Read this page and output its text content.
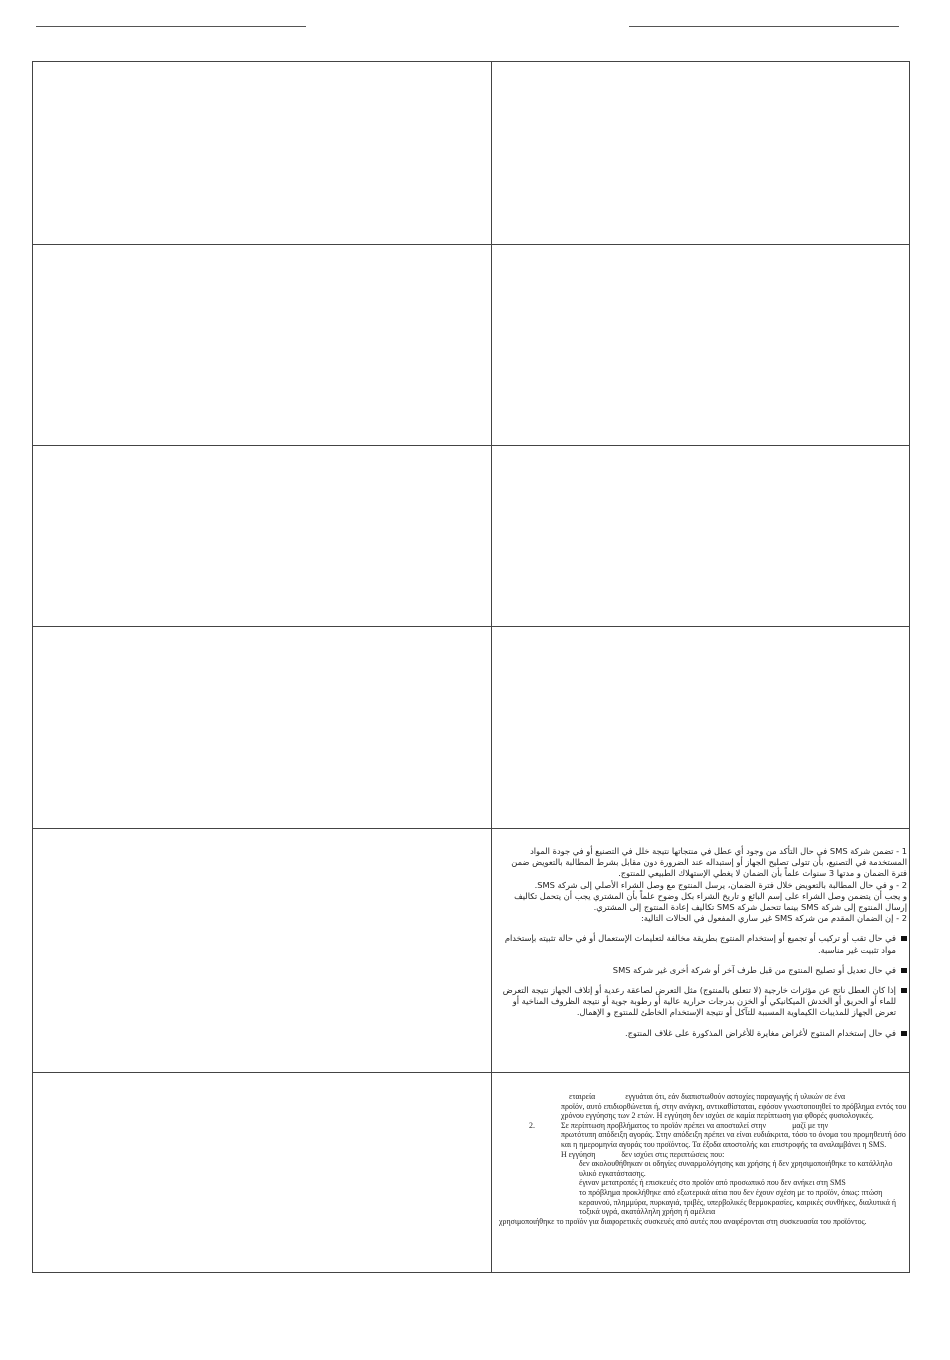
1 - تضمن شركة SMS في حال التأكد من وجود أي عطل في منتجاتها نتيجة خلل في التصنيع أو في جودة المواد المستخدمة في التصنيع، بأن تتولى تصليح الجهاز أو إستبداله عند الضرورة دون مقابل بشرط المطالبة بالتعويض ضمن فترة الضمان و مدتها 3 سنوات علماً بأن الضمان لا يغطي الإستهلاك الطبيعي للمنتوج.

2 - و في حال المطالبة بالتعويض خلال فترة الضمان، يرسل المنتوج مع وصل الشراء الأصلي إلى شركة SMS.

و يجب أن يتضمن وصل الشراء على إسم البائع و تاريخ الشراء بكل وضوح علماً بأن المشتري يجب أن يتحمل تكاليف إرسال المنتوج إلى شركة SMS بينما تتحمل شركة SMS تكاليف إعادة المنتوج إلى المشتري.

2 - إن الضمان المقدم من شركة SMS غير ساري المفعول في الحالات التالية:

في حال تقب أو تركيب أو تجميع أو إستخدام المنتوج بطريقة مخالفة لتعليمات الإستعمال أو في حالة تثبيته بإستخدام مواد تثبيت غير مناسبة.
في حال تعديل أو تصليح المنتوج من قبل طرف آخر أو شركة أخرى غير شركة SMS
إذا كان العطل ناتج عن مؤثرات خارجية (لا تتعلق بالمنتوج) مثل التعرض لصاعقة رعدية أو إتلاف الجهاز نتيجة التعرض للماء أو الحريق أو الخدش الميكانيكي أو الخزن بدرجات حرارية عالية أو رطوبة جوية أو نتيجة الظروف المناخية أو تعرض الجهاز للمذيبات الكيماوية المسببة للتآكل أو نتيجة الإستخدام الخاطئ للمنتوج و الإهمال.
في حال إستخدام المنتوج لأغراض مغايرة للأغراض المذكورة على غلاف المنتوج.

εταιρεία	εγγυάται ότι, εάν διαπιστωθούν αστοχίες παραγωγής ή υλικών σε ένα

προϊόν, αυτό επιδιορθώνεται ή, στην ανάγκη, αντικαθίσταται, εφόσον γνωστοποιηθεί το πρόβλημα εντός του χρόνου εγγύησης των 2 ετών. Η εγγύηση δεν ισχύει σε καμία περίπτωση για φθορές φυσιολογικές.

2.	Σε περίπτωση προβλήματος το προϊόν πρέπει να αποσταλεί στην	μαζί με την

πρωτότυπη απόδειξη αγοράς. Στην απόδειξη πρέπει να είναι ευδιάκριτα, τόσο το όνομα του προμηθευτή όσο και η ημερομηνία αγοράς του προϊόντος. Τα έξοδα αποστολής και επιστροφής τα αναλαμβάνει η SMS.

Η εγγύηση	δεν ισχύει στις περιπτώσεις που:

δεν ακολουθήθηκαν οι οδηγίες συναρμολόγησης και χρήσης ή δεν χρησιμοποιήθηκε το κατάλληλο υλικό εγκατάστασης.

έγιναν μετατροπές ή επισκευές στο προϊόν από προσωπικό που δεν ανήκει στη SMS

το πρόβλημα προκλήθηκε από εξωτερικά αίτια που δεν έχουν σχέση με το προϊόν, όπως: πτώση κεραυνού, πλημμύρα, πυρκαγιά, τριβές, υπερβολικές θερμοκρασίες, καιρικές συνθήκες, διαλυτικά ή τοξικά υγρά, ακατάλληλη χρήση ή αμέλεια

χρησιμοποιήθηκε το προϊόν για διαφορετικές συσκευές από αυτές που αναφέρονται στη συσκευασία του προϊόντος.
